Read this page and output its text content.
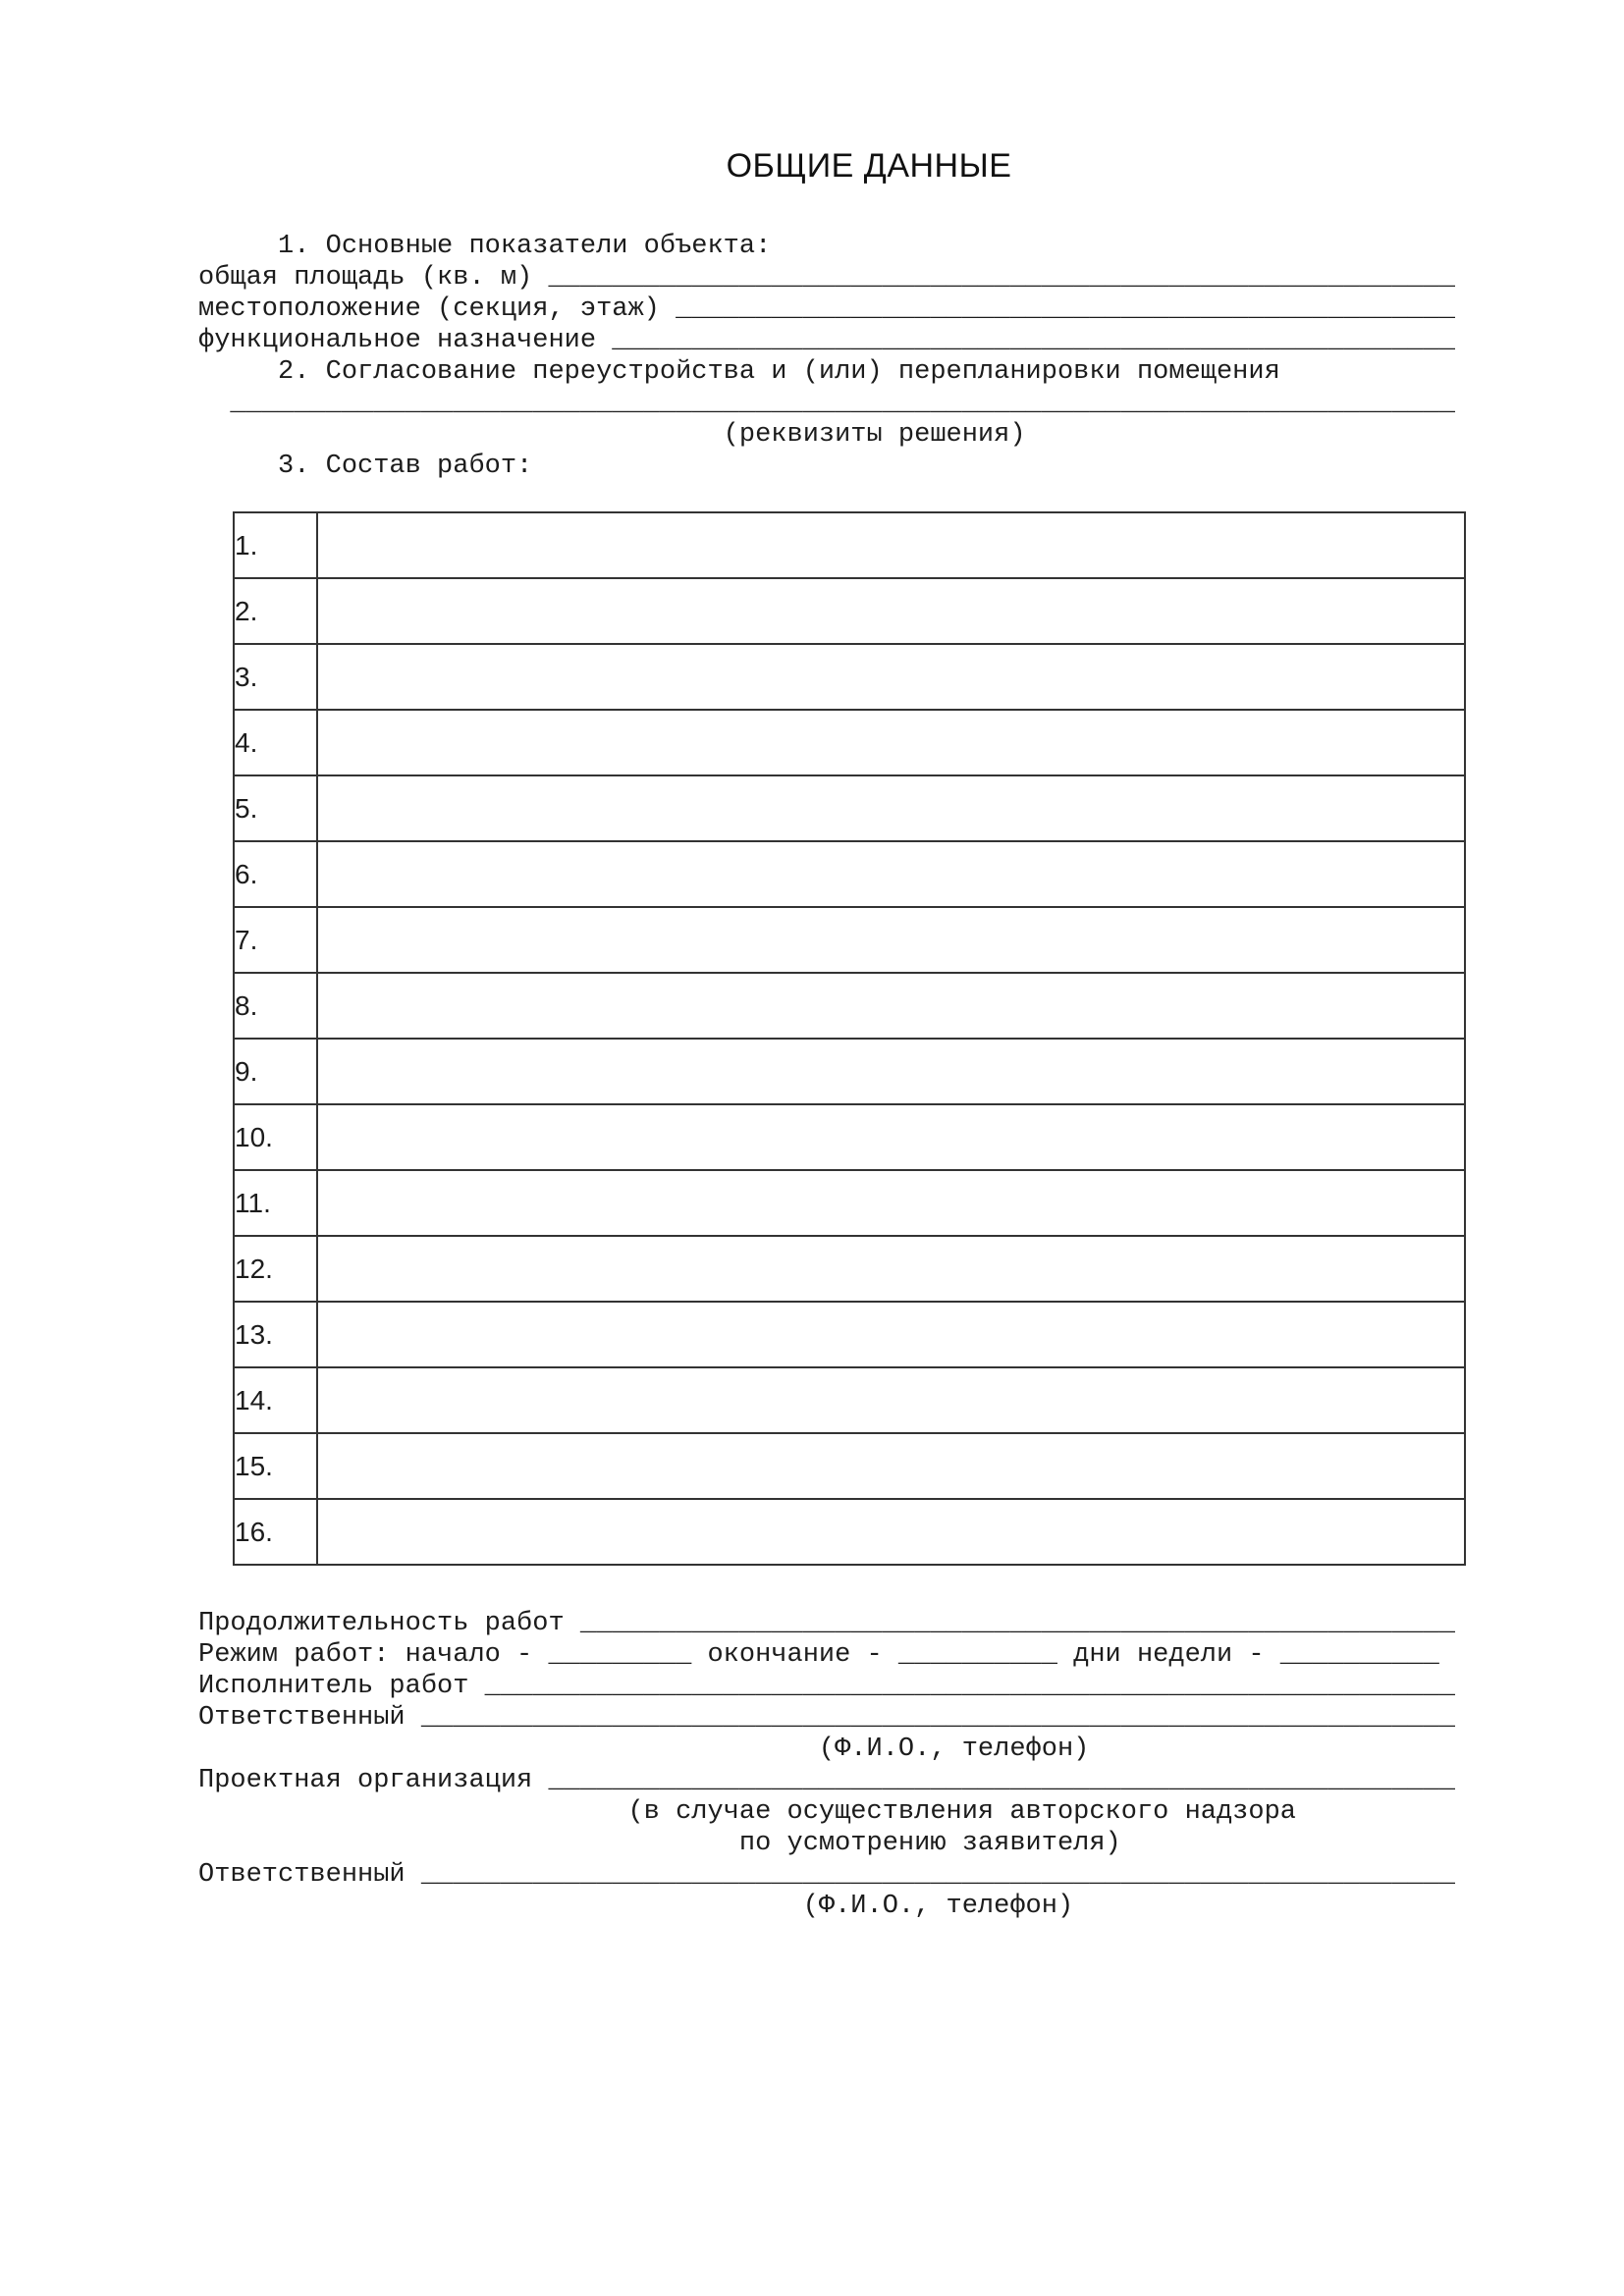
ОБЩИЕ ДАННЫЕ
1. Основные показатели объекта:
общая площадь (кв. м) _________________________________________________________
местоположение (секция, этаж) _________________________________________________
функциональное назначение _____________________________________________________
2. Согласование переустройства и (или) перепланировки помещения
_____________________________________________________________________________
(реквизиты решения)
3. Состав работ:
1.	
2.	
3.	
4.	
5.	
6.	
7.	
8.	
9.	
10.	
11.	
12.	
13.	
14.	
15.	
16.	
Продолжительность работ _______________________________________________________
Режим работ: начало - _________ окончание - __________ дни недели - __________
Исполнитель работ _____________________________________________________________
Ответственный _________________________________________________________________
(Ф.И.О., телефон)
Проектная организация _________________________________________________________
(в случае осуществления авторского надзора
по усмотрению заявителя)
Ответственный _________________________________________________________________
(Ф.И.О., телефон)
